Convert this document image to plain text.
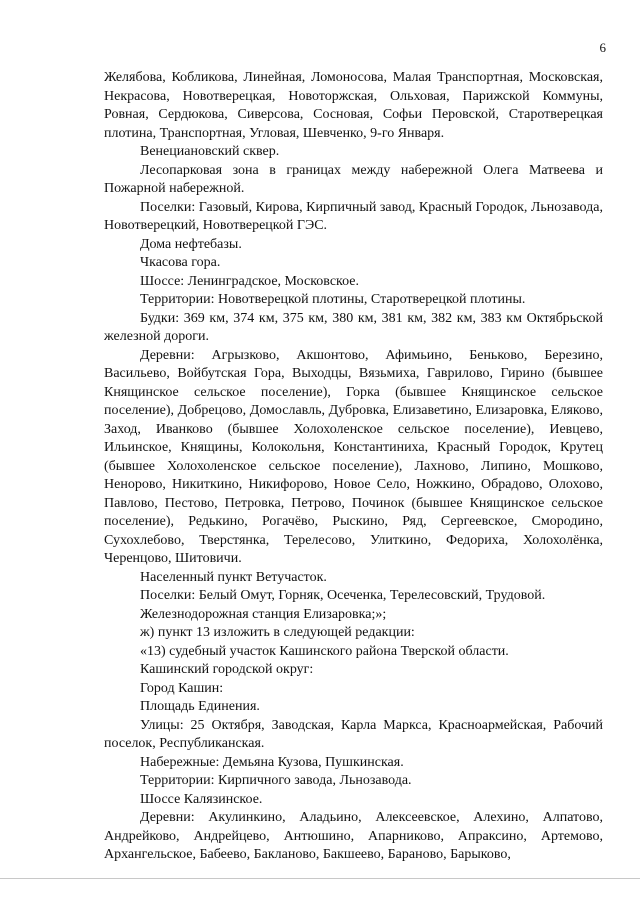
6

Желябова, Кобликова, Линейная, Ломоносова, Малая Транспортная, Московская, Некрасова, Новотверецкая, Новоторжская, Ольховая, Парижской Коммуны, Ровная, Сердюкова, Сиверсова, Сосновая, Софьи Перовской, Старотверецкая плотина, Транспортная, Угловая, Шевченко, 9-го Января.

Венециановский сквер.

Лесопарковая зона в границах между набережной Олега Матвеева и Пожарной набережной.

Поселки: Газовый, Кирова, Кирпичный завод, Красный Городок, Льнозавода, Новотверецкий, Новотверецкой ГЭС.

Дома нефтебазы.

Чкасова гора.

Шоссе: Ленинградское, Московское.

Территории: Новотверецкой плотины, Старотверецкой плотины.

Будки: 369 км, 374 км, 375 км, 380 км, 381 км, 382 км, 383 км Октябрьской железной дороги.

Деревни: Агрызково, Акшонтово, Афимьино, Беньково, Березино, Васильево, Войбутская Гора, Выходцы, Вязьмиха, Гаврилово, Гирино (бывшее Княщинское сельское поселение), Горка (бывшее Княщинское сельское поселение), Добрецово, Домославль, Дубровка, Елизаветино, Елизаровка, Еляково, Заход, Иванково (бывшее Холохоленское сельское поселение), Иевцево, Ильинское, Княщины, Колокольня, Константиниха, Красный Городок, Крутец (бывшее Холохоленское сельское поселение), Лахново, Липино, Мошково, Ненорово, Никиткино, Никифорово, Новое Село, Ножкино, Обрадово, Олохово, Павлово, Пестово, Петровка, Петрово, Починок (бывшее Княщинское сельское поселение), Редькино, Рогачёво, Рыскино, Ряд, Сергеевское, Смородино, Сухохлебово, Тверстянка, Терелесово, Улиткино, Федориха, Холохолёнка, Черенцово, Шитовичи.

Населенный пункт Ветучасток.

Поселки: Белый Омут, Горняк, Осеченка, Терелесовский, Трудовой.

Железнодорожная станция Елизаровка;»;

ж) пункт 13 изложить в следующей редакции:

«13) судебный участок Кашинского района Тверской области.

Кашинский городской округ:

Город Кашин:

Площадь Единения.

Улицы: 25 Октября, Заводская, Карла Маркса, Красноармейская, Рабочий поселок, Республиканская.

Набережные: Демьяна Кузова, Пушкинская.

Территории: Кирпичного завода, Льнозавода.

Шоссе Калязинское.

Деревни: Акулинкино, Аладьино, Алексеевское, Алехино, Алпатово, Андрейково, Андрейцево, Антюшино, Апарниково, Апраксино, Артемово, Архангельское, Бабеево, Бакланово, Бакшеево, Бараново, Барыково,
